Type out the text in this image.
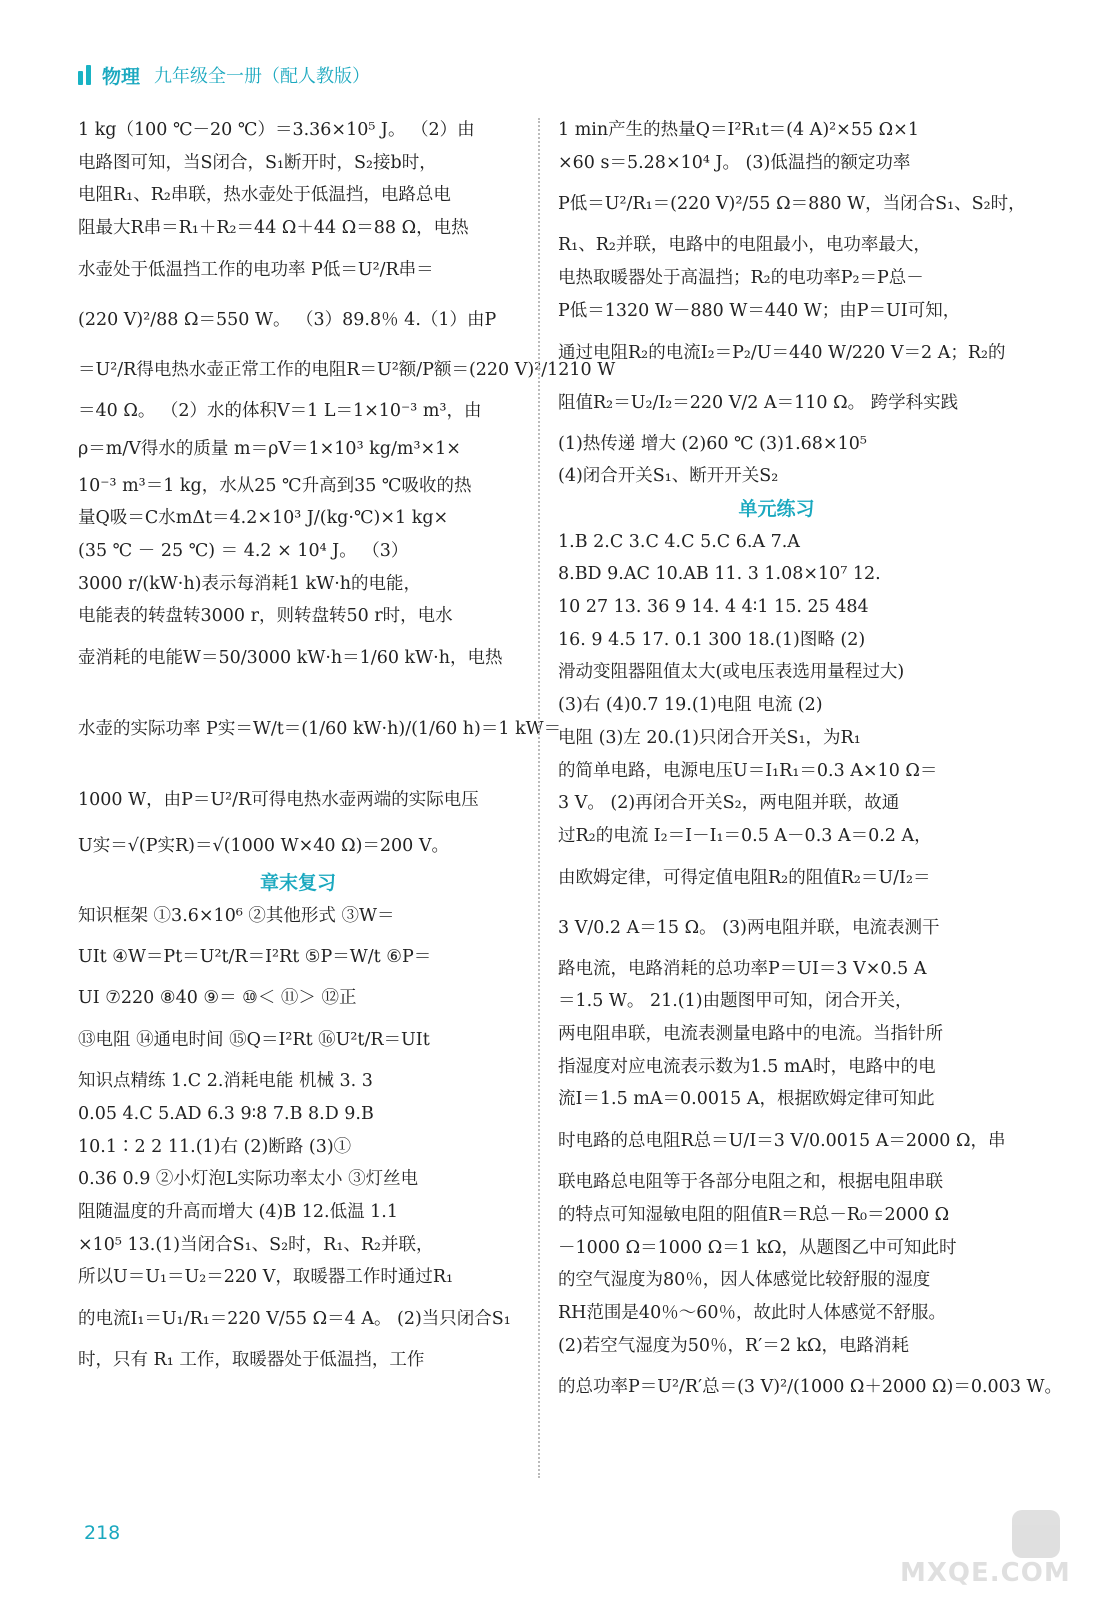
物理 九年级全一册（配人教版）

1 kg（100 ℃－20 ℃）＝3.36×10⁵ J。 （2）由

电路图可知，当S闭合，S₁断开时，S₂接b时，

电阻R₁、R₂串联，热水壶处于低温挡，电路总电

阻最大R串＝R₁＋R₂＝44 Ω＋44 Ω＝88 Ω，电热

水壶处于低温挡工作的电功率 P低＝U²/R串＝

(220 V)²/88 Ω＝550 W。 （3）89.8％ 4.（1）由P

＝U²/R得电热水壶正常工作的电阻R＝U²额/P额＝(220 V)²/1210 W

＝40 Ω。 （2）水的体积V＝1 L＝1×10⁻³ m³，由

ρ＝m/V得水的质量 m＝ρV＝1×10³ kg/m³×1×

10⁻³ m³＝1 kg，水从25 ℃升高到35 ℃吸收的热

量Q吸＝C水mΔt＝4.2×10³ J/(kg·℃)×1 kg×

(35 ℃ － 25 ℃) ＝ 4.2 × 10⁴ J。 （3）

3000 r/(kW·h)表示每消耗1 kW·h的电能，

电能表的转盘转3000 r，则转盘转50 r时，电水

壶消耗的电能W＝50/3000 kW·h＝1/60 kW·h，电热

水壶的实际功率 P实＝W/t＝(1/60 kW·h)/(1/60 h)＝1 kW＝

1000 W，由P＝U²/R可得电热水壶两端的实际电压

U实＝√(P实R)＝√(1000 W×40 Ω)＝200 V。

章末复习

知识框架 ①3.6×10⁶ ②其他形式 ③W＝

UIt ④W＝Pt＝U²t/R＝I²Rt ⑤P＝W/t ⑥P＝

UI ⑦220 ⑧40 ⑨＝ ⑩＜ ⑪＞ ⑫正

⑬电阻 ⑭通电时间 ⑮Q＝I²Rt ⑯U²t/R＝UIt

知识点精练 1.C 2.消耗电能 机械 3. 3

0.05 4.C 5.AD 6.3 9∶8 7.B 8.D 9.B

10.1∶2 2 11.(1)右 (2)断路 (3)①

0.36 0.9 ②小灯泡L实际功率太小 ③灯丝电

阻随温度的升高而增大 (4)B 12.低温 1.1

×10⁵ 13.(1)当闭合S₁、S₂时，R₁、R₂并联，

所以U＝U₁＝U₂＝220 V，取暖器工作时通过R₁

的电流I₁＝U₁/R₁＝220 V/55 Ω＝4 A。 (2)当只闭合S₁

时，只有 R₁ 工作，取暖器处于低温挡，工作

1 min产生的热量Q＝I²R₁t＝(4 A)²×55 Ω×1

×60 s＝5.28×10⁴ J。 (3)低温挡的额定功率

P低＝U²/R₁＝(220 V)²/55 Ω＝880 W，当闭合S₁、S₂时，

R₁、R₂并联，电路中的电阻最小，电功率最大，

电热取暖器处于高温挡；R₂的电功率P₂＝P总－

P低＝1320 W－880 W＝440 W；由P＝UI可知，

通过电阻R₂的电流I₂＝P₂/U＝440 W/220 V＝2 A；R₂的

阻值R₂＝U₂/I₂＝220 V/2 A＝110 Ω。 跨学科实践

(1)热传递 增大 (2)60 ℃ (3)1.68×10⁵

(4)闭合开关S₁、断开开关S₂

单元练习

1.B 2.C 3.C 4.C 5.C 6.A 7.A

8.BD 9.AC 10.AB 11. 3 1.08×10⁷ 12.

10 27 13. 36 9 14. 4 4∶1 15. 25 484

16. 9 4.5 17. 0.1 300 18.(1)图略 (2)

滑动变阻器阻值太大(或电压表选用量程过大)

(3)右 (4)0.7 19.(1)电阻 电流 (2)

电阻 (3)左 20.(1)只闭合开关S₁，为R₁

的简单电路，电源电压U＝I₁R₁＝0.3 A×10 Ω＝

3 V。 (2)再闭合开关S₂，两电阻并联，故通

过R₂的电流 I₂＝I－I₁＝0.5 A－0.3 A＝0.2 A，

由欧姆定律，可得定值电阻R₂的阻值R₂＝U/I₂＝

3 V/0.2 A＝15 Ω。 (3)两电阻并联，电流表测干

路电流，电路消耗的总功率P＝UI＝3 V×0.5 A

＝1.5 W。 21.(1)由题图甲可知，闭合开关，

两电阻串联，电流表测量电路中的电流。当指针所

指湿度对应电流表示数为1.5 mA时，电路中的电

流I＝1.5 mA＝0.0015 A，根据欧姆定律可知此

时电路的总电阻R总＝U/I＝3 V/0.0015 A＝2000 Ω，串

联电路总电阻等于各部分电阻之和，根据电阻串联

的特点可知湿敏电阻的阻值R＝R总－R₀＝2000 Ω

－1000 Ω＝1000 Ω＝1 kΩ，从题图乙中可知此时

的空气湿度为80％，因人体感觉比较舒服的湿度

RH范围是40％～60％，故此时人体感觉不舒服。

(2)若空气湿度为50％，R′＝2 kΩ，电路消耗

的总功率P＝U²/R′总＝(3 V)²/(1000 Ω＋2000 Ω)＝0.003 W。

218
MXQE.COM
